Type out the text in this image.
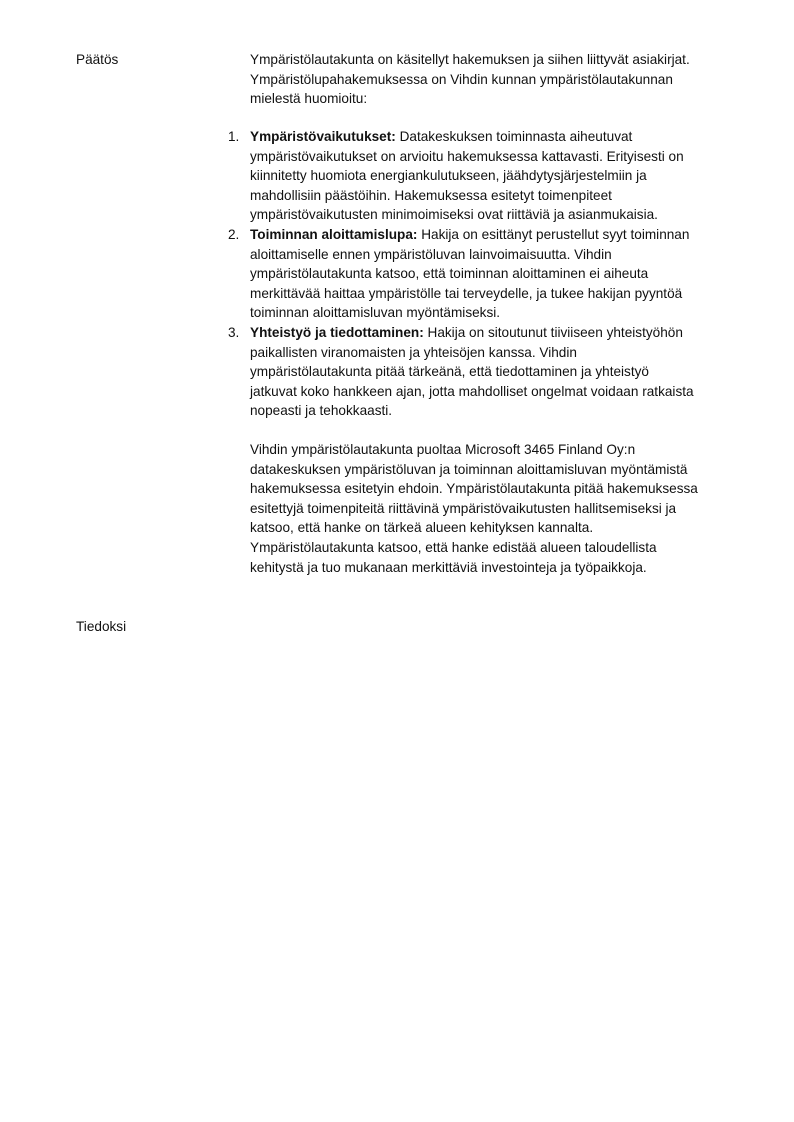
Päätös	Ympäristölautakunta on käsitellyt hakemuksen ja siihen liittyvät asiakirjat.
Ympäristölupahakemuksessa on Vihdin kunnan ympäristölautakunnan
mielestä huomioitu:

1. Ympäristövaikutukset: Datakeskuksen toiminnasta aiheutuvat
ympäristövaikutukset on arvioitu hakemuksessa kattavasti. Erityisesti on
kiinnitetty huomiota energiankulutukseen, jäähdytysjärjestelmiin ja
mahdollisiin päästöihin. Hakemuksessa esitetyt toimenpiteet
ympäristövaikutusten minimoimiseksi ovat riittäviä ja asianmukaisia.
2. Toiminnan aloittamislupa: Hakija on esittänyt perustellut syyt toiminnan
aloittamiselle ennen ympäristöluvan lainvoimaisuutta. Vihdin
ympäristölautakunta katsoo, että toiminnan aloittaminen ei aiheuta
merkittävää haittaa ympäristölle tai terveydelle, ja tukee hakijan pyyntöä
toiminnan aloittamisluvan myöntämiseksi.
3. Yhteistyö ja tiedottaminen: Hakija on sitoutunut tiiviiseen yhteistyöhön
paikallisten viranomaisten ja yhteisöjen kanssa. Vihdin
ympäristölautakunta pitää tärkeänä, että tiedottaminen ja yhteistyö
jatkuvat koko hankkeen ajan, jotta mahdolliset ongelmat voidaan ratkaista
nopeasti ja tehokkaasti.

Vihdin ympäristölautakunta puoltaa Microsoft 3465 Finland Oy:n
datakeskuksen ympäristöluvan ja toiminnan aloittamisluvan myöntämistä
hakemuksessa esitetyin ehdoin. Ympäristölautakunta pitää hakemuksessa
esitettyjä toimenpiteitä riittävinä ympäristövaikutusten hallitsemiseksi ja
katsoo, että hanke on tärkeä alueen kehityksen kannalta.
Ympäristölautakunta katsoo, että hanke edistää alueen taloudellista
kehitystä ja tuo mukanaan merkittäviä investointeja ja työpaikkoja.

Tiedoksi
